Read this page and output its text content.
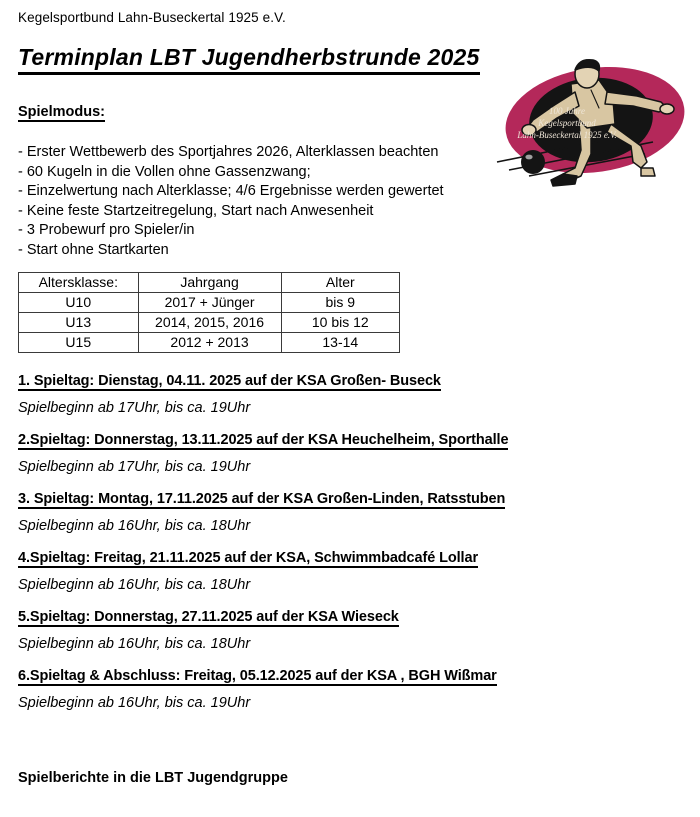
Kegelsportbund Lahn-Buseckertal 1925 e.V.
Terminplan LBT Jugendherbstrunde 2025
100 Jahre
Kegelsportbund
Lahn-Buseckertal 1925 e.V.
Spielmodus:
- Erster Wettbewerb des Sportjahres 2026, Alterklassen beachten
- 60 Kugeln in die Vollen ohne Gassenzwang;
- Einzelwertung nach Alterklasse; 4/6 Ergebnisse werden gewertet
- Keine feste Startzeitregelung, Start nach Anwesenheit
- 3 Probewurf pro Spieler/in
- Start ohne Startkarten
Altersklasse:	Jahrgang	Alter
U10	2017 + Jünger	bis 9
U13	2014, 2015, 2016	10 bis 12
U15	2012 + 2013	13-14
1. Spieltag: Dienstag, 04.11. 2025 auf der KSA Großen- Buseck
Spielbeginn ab 17Uhr, bis ca. 19Uhr
2.Spieltag: Donnerstag, 13.11.2025 auf der KSA Heuchelheim, Sporthalle
Spielbeginn ab 17Uhr, bis ca. 19Uhr
3. Spieltag: Montag, 17.11.2025 auf der KSA Großen-Linden, Ratsstuben
Spielbeginn ab 16Uhr, bis ca. 18Uhr
4.Spieltag: Freitag, 21.11.2025 auf der KSA, Schwimmbadcafé Lollar
Spielbeginn ab 16Uhr, bis ca. 18Uhr
5.Spieltag: Donnerstag, 27.11.2025 auf der KSA Wieseck
Spielbeginn ab 16Uhr, bis ca. 18Uhr
6.Spieltag & Abschluss: Freitag, 05.12.2025 auf der KSA , BGH Wißmar
Spielbeginn ab 16Uhr, bis ca. 19Uhr
Spielberichte in die LBT Jugendgruppe
